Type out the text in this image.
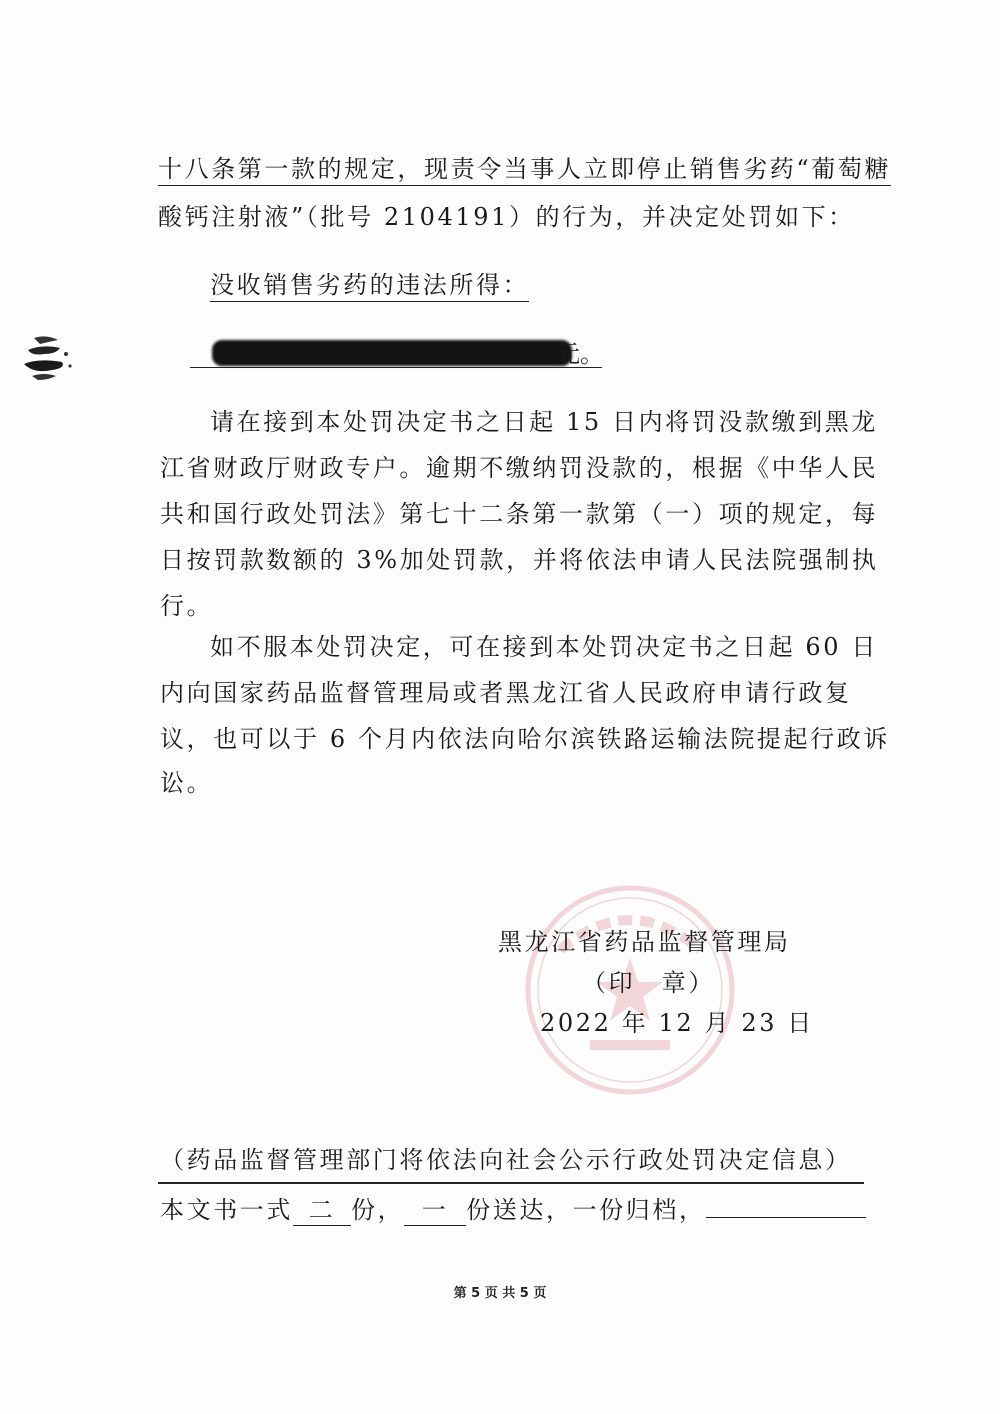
十八条第一款的规定，现责令当事人立即停止销售劣药“葡萄糖
酸钙注射液”（批号 2104191）的行为，并决定处罚如下：
没收销售劣药的违法所得：
元。
请在接到本处罚决定书之日起 15 日内将罚没款缴到黑龙
江省财政厅财政专户。逾期不缴纳罚没款的，根据《中华人民
共和国行政处罚法》第七十二条第一款第（一）项的规定，每
日按罚款数额的 3%加处罚款，并将依法申请人民法院强制执
行。
如不服本处罚决定，可在接到本处罚决定书之日起 60 日
内向国家药品监督管理局或者黑龙江省人民政府申请行政复
议，也可以于 6 个月内依法向哈尔滨铁路运输法院提起行政诉
讼。
黑龙江省药品监督管理局
（印　章）
2022 年 12 月 23 日
（药品监督管理部门将依法向社会公示行政处罚决定信息）
本文书一式 二 份， 一 份送达，一份归档，
第 5 页 共 5 页
